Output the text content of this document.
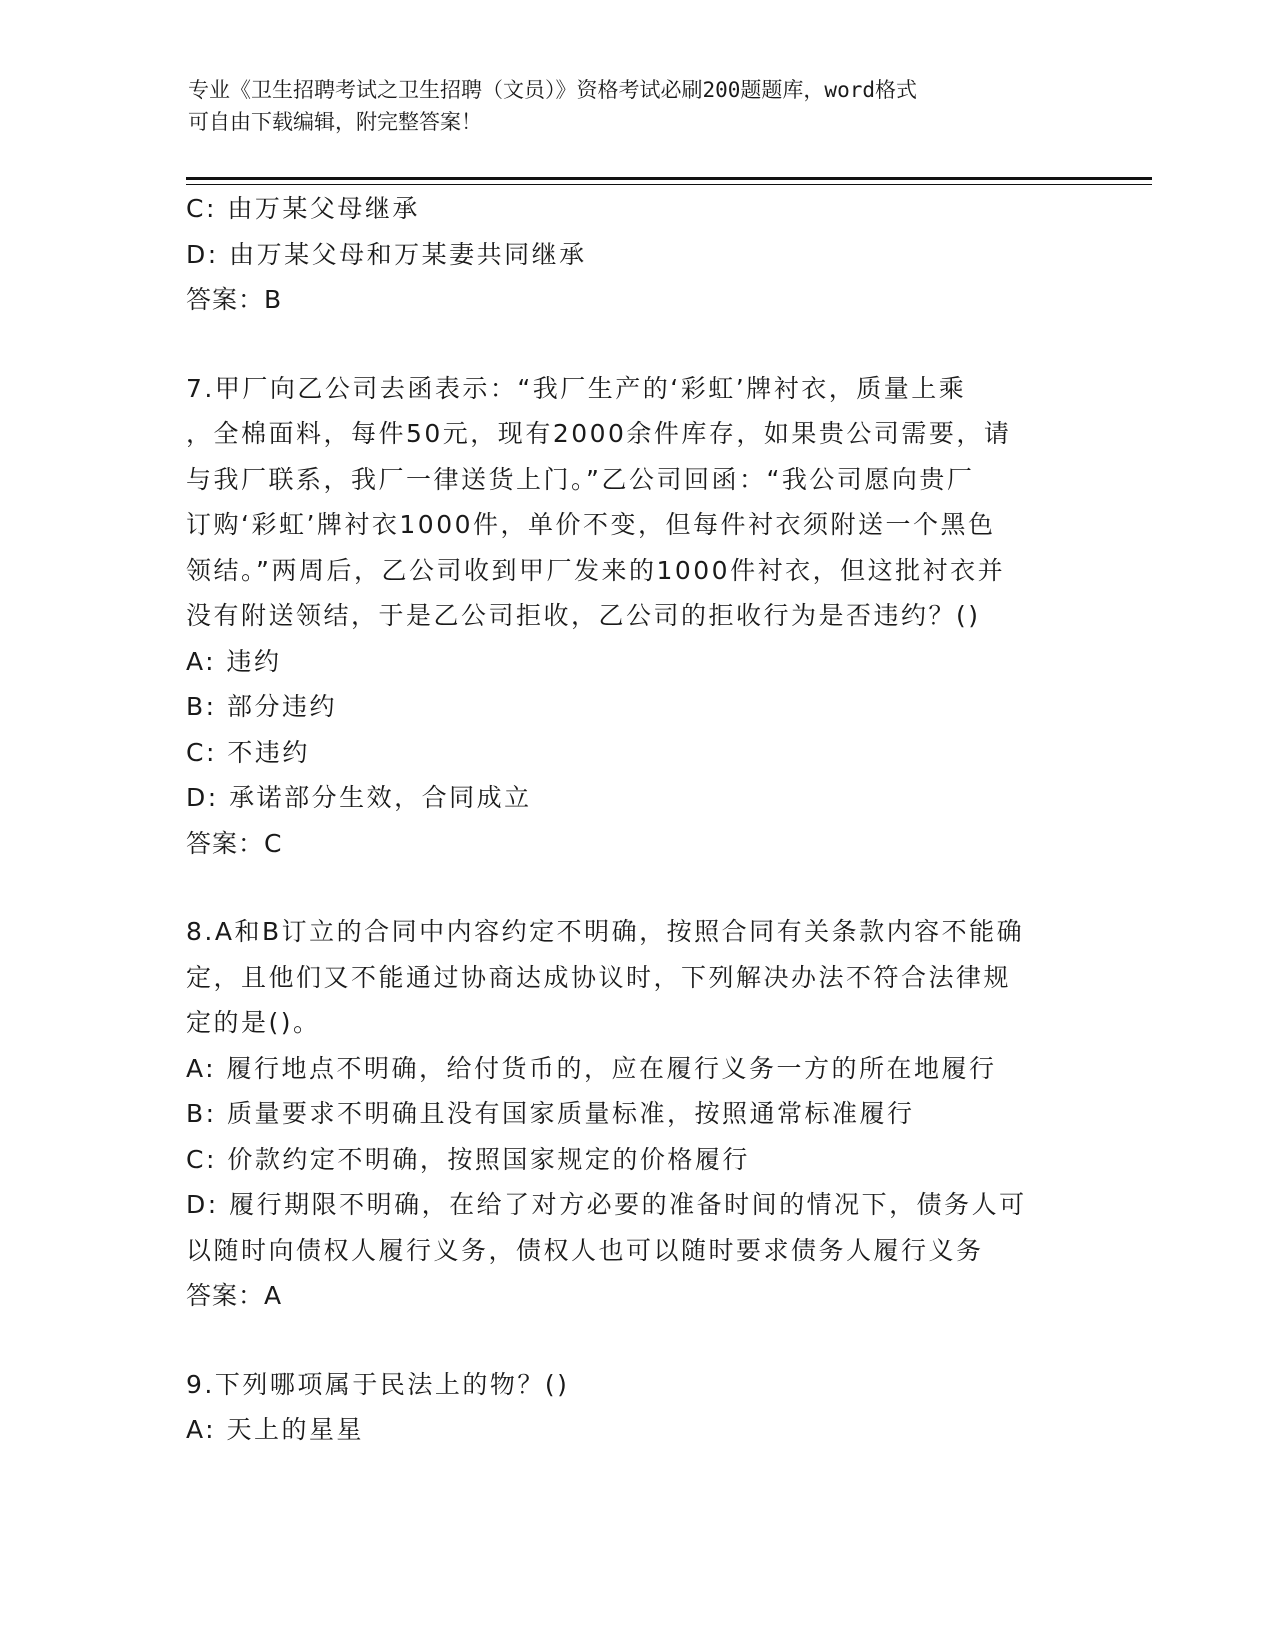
专业《卫生招聘考试之卫生招聘（文员）》资格考试必刷200题题库，word格式
可自由下载编辑，附完整答案！
C: 由万某父母继承
D: 由万某父母和万某妻共同继承
答案：B
7.甲厂向乙公司去函表示：“我厂生产的‘彩虹’牌衬衣，质量上乘
，全棉面料，每件50元，现有2000余件库存，如果贵公司需要，请
与我厂联系，我厂一律送货上门。”乙公司回函：“我公司愿向贵厂
订购‘彩虹’牌衬衣1000件，单价不变，但每件衬衣须附送一个黑色
领结。”两周后，乙公司收到甲厂发来的1000件衬衣，但这批衬衣并
没有附送领结，于是乙公司拒收，乙公司的拒收行为是否违约？()
A: 违约
B: 部分违约
C: 不违约
D: 承诺部分生效，合同成立
答案：C
8.A和B订立的合同中内容约定不明确，按照合同有关条款内容不能确
定，且他们又不能通过协商达成协议时，下列解决办法不符合法律规
定的是()。
A: 履行地点不明确，给付货币的，应在履行义务一方的所在地履行
B: 质量要求不明确且没有国家质量标准，按照通常标准履行
C: 价款约定不明确，按照国家规定的价格履行
D: 履行期限不明确，在给了对方必要的准备时间的情况下，债务人可
以随时向债权人履行义务，债权人也可以随时要求债务人履行义务
答案：A
9.下列哪项属于民法上的物？()
A: 天上的星星
